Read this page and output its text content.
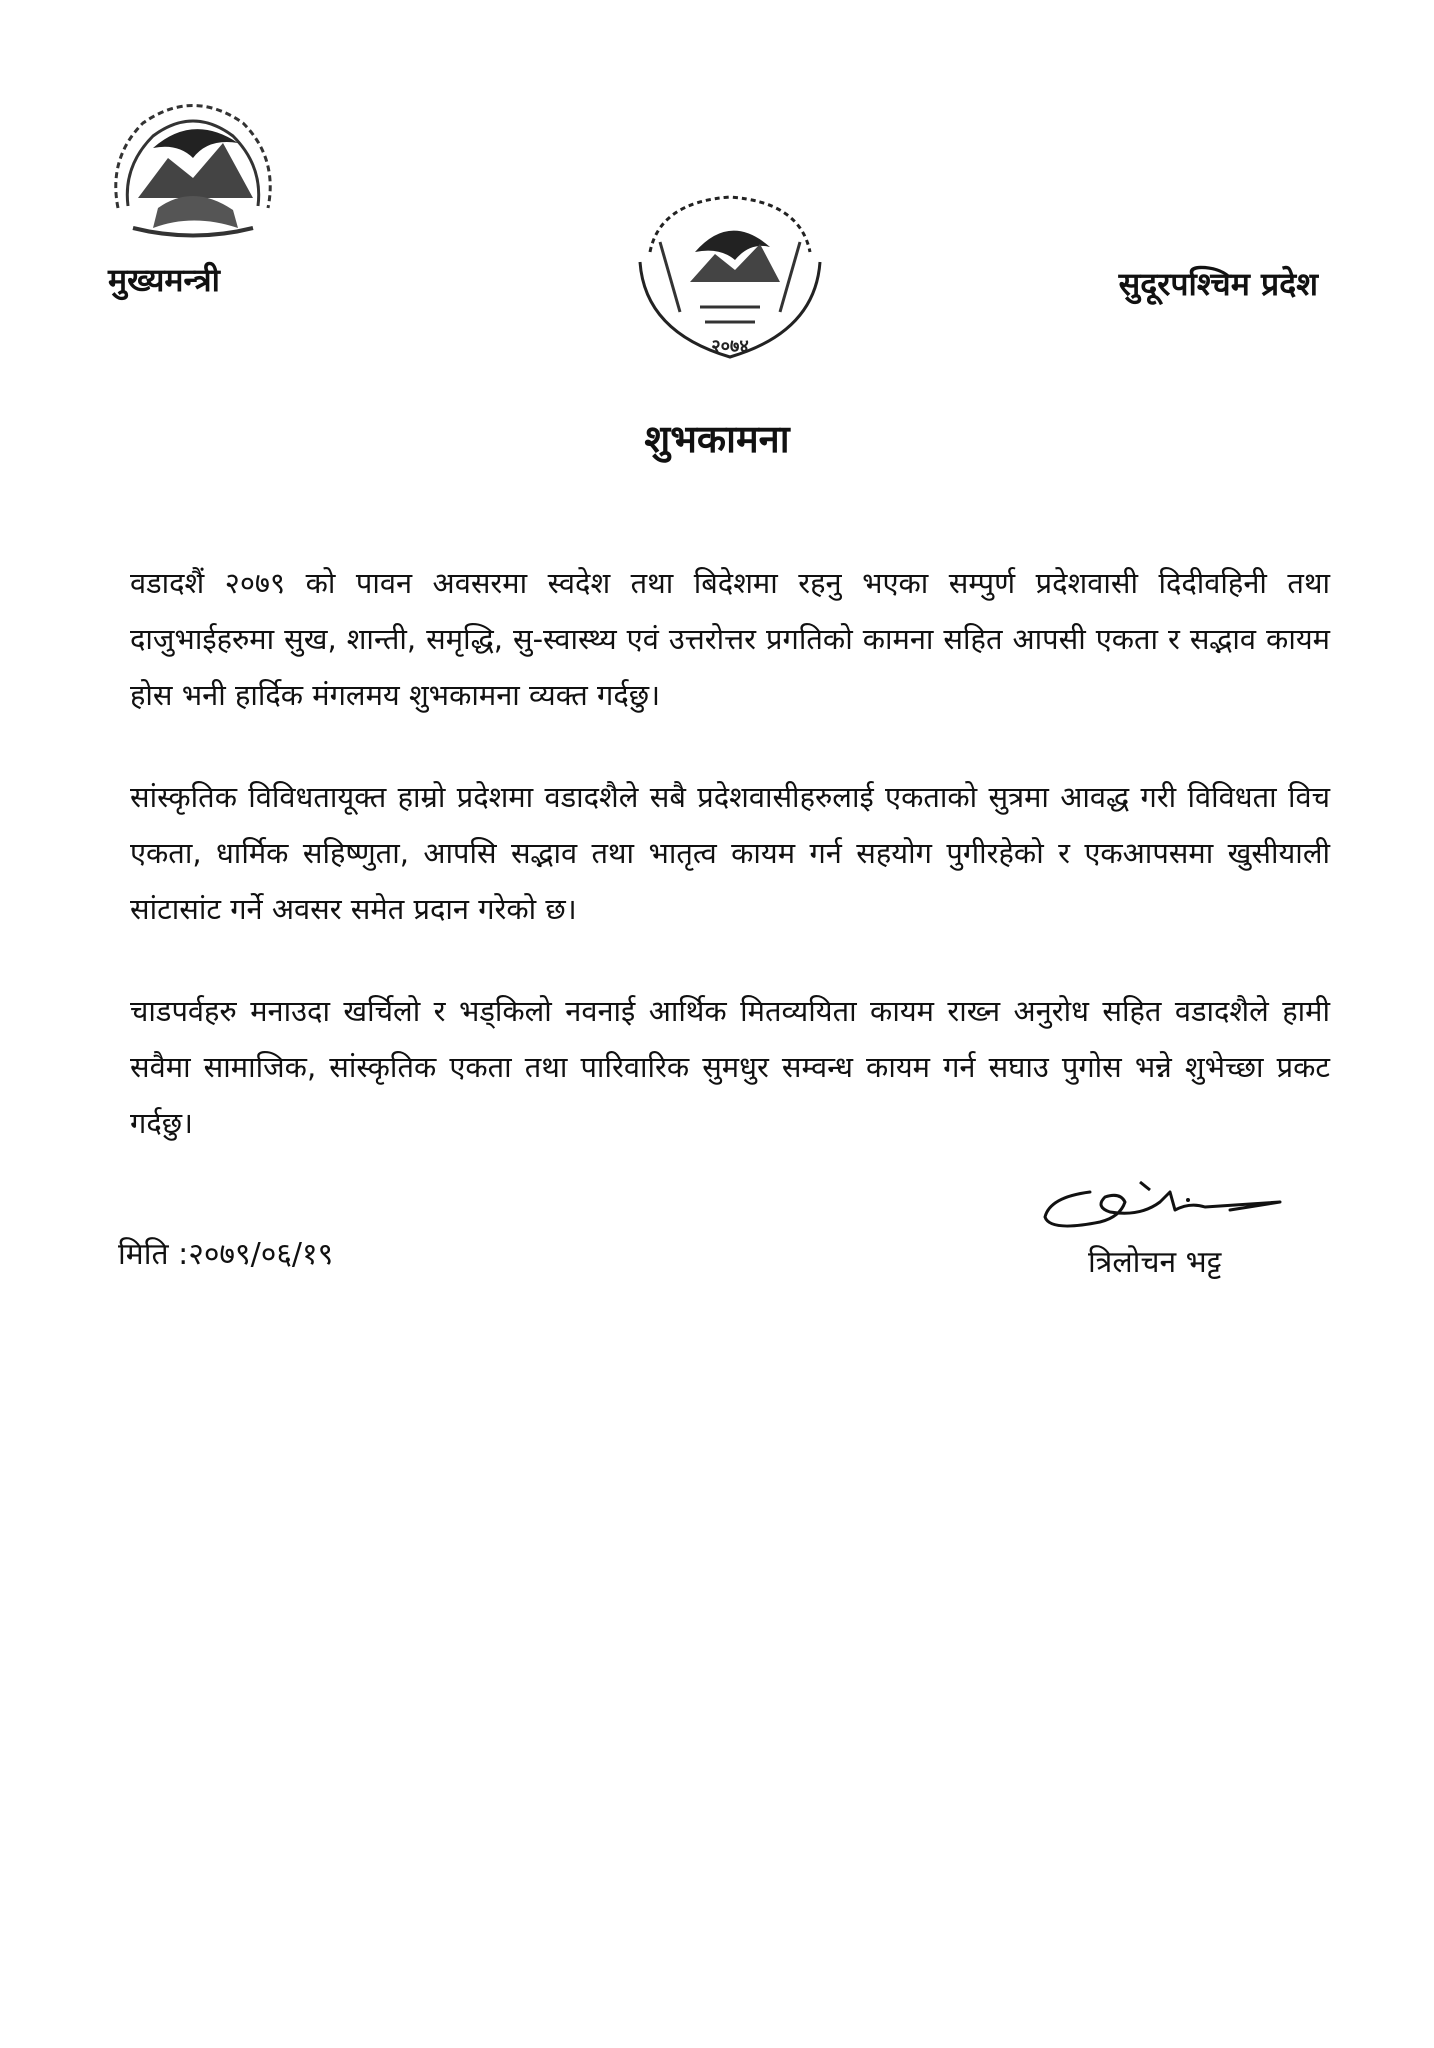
मुख्यमन्त्री
२०७४
सुदूरपश्चिम प्रदेश
शुभकामना

वडादशैं २०७९ को पावन अवसरमा स्वदेश तथा बिदेशमा रहनु भएका सम्पुर्ण प्रदेशवासी दिदीवहिनी तथा दाजुभाईहरुमा सुख, शान्ती, समृद्धि, सु-स्वास्थ्य एवं उत्तरोत्तर प्रगतिको कामना सहित आपसी एकता र सद्भाव कायम होस भनी हार्दिक मंगलमय शुभकामना व्यक्त गर्दछु।

सांस्कृतिक विविधतायूक्त हाम्रो प्रदेशमा वडादशैले सबै प्रदेशवासीहरुलाई एकताको सुत्रमा आवद्ध गरी विविधता विच एकता, धार्मिक सहिष्णुता, आपसि सद्भाव तथा भातृत्व कायम गर्न सहयोग पुगीरहेको र एकआपसमा खुसीयाली सांटासांट गर्ने अवसर समेत प्रदान गरेको छ।

चाडपर्वहरु मनाउदा खर्चिलो र भड्किलो नवनाई आर्थिक मितव्ययिता कायम राख्न अनुरोध सहित वडादशैले हामी सवैमा सामाजिक, सांस्कृतिक एकता तथा पारिवारिक सुमधुर सम्वन्ध कायम गर्न सघाउ पुगोस भन्ने शुभेच्छा प्रकट गर्दछु।

मिति :२०७९/०६/१९	त्रिलोचन भट्ट
